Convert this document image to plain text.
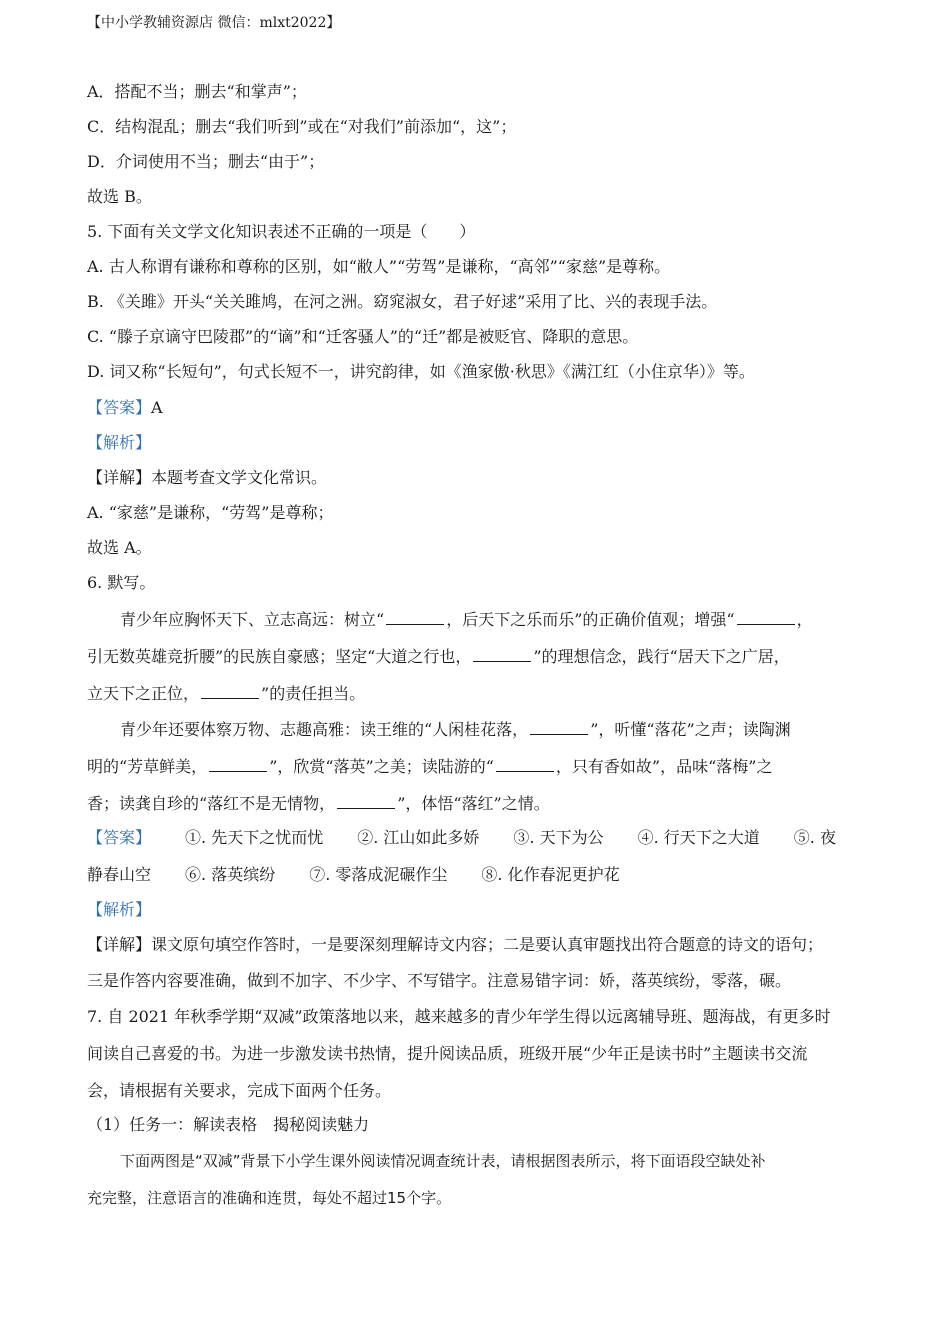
【中小学教辅资源店 微信：mlxt2022】
A．搭配不当；删去“和掌声”；
C．结构混乱；删去“我们听到”或在“对我们”前添加“，这”；
D．介词使用不当；删去“由于”；
故选 B。
5. 下面有关文学文化知识表述不正确的一项是（　　）
A. 古人称谓有谦称和尊称的区别，如“敝人”“劳驾”是谦称，“高邻”“家慈”是尊称。
B. 《关雎》开头“关关雎鸠，在河之洲。窈窕淑女，君子好逑”采用了比、兴的表现手法。
C. “滕子京谪守巴陵郡”的“谪”和“迁客骚人”的“迁”都是被贬官、降职的意思。
D. 词又称“长短句”，句式长短不一，讲究韵律，如《渔家傲·秋思》《满江红（小住京华）》等。
【答案】A
【解析】
【详解】本题考查文学文化常识。
A. “家慈”是谦称，“劳驾”是尊称；
故选 A。
6. 默写。
青少年应胸怀天下、立志高远：树立“	，后天下之乐而乐”的正确价值观；增强“	，
引无数英雄竞折腰”的民族自豪感；坚定“大道之行也，	”的理想信念，践行“居天下之广居，
立天下之正位，	”的责任担当。
青少年还要体察万物、志趣高雅：读王维的“人闲桂花落，	”，听懂“落花”之声；读陶渊
明的“芳草鲜美，	”，欣赏“落英”之美；读陆游的“	，只有香如故”，品味“落梅”之
香；读龚自珍的“落红不是无情物，	”，体悟“落红”之情。
【答案】 ①. 先天下之忧而忧 ②. 江山如此多娇 ③. 天下为公 ④. 行天下之大道 ⑤. 夜
静春山空 ⑥. 落英缤纷 ⑦. 零落成泥碾作尘 ⑧. 化作春泥更护花
【解析】
【详解】课文原句填空作答时，一是要深刻理解诗文内容；二是要认真审题找出符合题意的诗文的语句；
三是作答内容要准确，做到不加字、不少字、不写错字。注意易错字词：娇，落英缤纷，零落，碾。
7. 自 2021 年秋季学期“双减”政策落地以来，越来越多的青少年学生得以远离辅导班、题海战，有更多时
间读自己喜爱的书。为进一步激发读书热情，提升阅读品质，班级开展“少年正是读书时”主题读书交流
会，请根据有关要求，完成下面两个任务。
（1）任务一：解读表格　揭秘阅读魅力
下面两图是“双减”背景下小学生课外阅读情况调查统计表，请根据图表所示，将下面语段空缺处补
充完整，注意语言的准确和连贯，每处不超过15个字。
